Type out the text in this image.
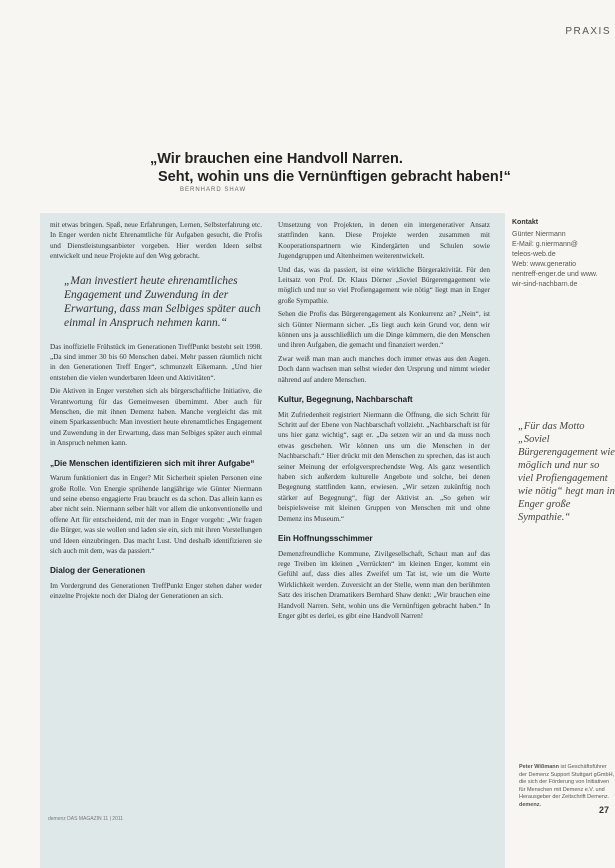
PRAXIS
„Wir brauchen eine Handvoll Narren.
Seht, wohin uns die Vernünftigen gebracht haben!“
BERNHARD SHAW

mit etwas bringen. Spaß, neue Erfahrungen, Lernen, Selbsterfahrung etc. In Enger werden nicht Ehrenamtliche für Aufgaben gesucht, die Profis und Dienstleistungsanbieter vorgeben. Hier werden Ideen selbst entwickelt und neue Projekte auf den Weg gebracht.

„Man investiert heute ehrenamtliches Engagement und Zuwendung in der Erwartung, dass man Selbiges später auch einmal in Anspruch nehmen kann.“

Das inoffizielle Frühstück im Generationen TreffPunkt besteht seit 1998. „Da sind immer 30 bis 60 Menschen dabei. Mehr passen räumlich nicht in den Generationen Treff Enger“, schmunzelt Eikemann. „Und hier entstehen die vielen wunderbaren Ideen und Aktivitäten“.

Die Aktiven in Enger verstehen sich als bürgerschaftliche Initiative, die Verantwortung für das Gemeinwesen übernimmt. Aber auch für Menschen, die mit ihnen Demenz haben. Manche vergleicht das mit einem Sparkassenbuch: Man investiert heute ehrenamtliches Engagement und Zuwendung in der Erwartung, dass man Selbiges später auch einmal in Anspruch nehmen kann.

„Die Menschen identifizieren sich mit ihrer Aufgabe“

Warum funktioniert das in Enger? Mit Sicherheit spielen Personen eine große Rolle. Von Energie sprühende langjährige wie Günter Niermann und seine ebenso engagierte Frau braucht es da schon. Das allein kann es aber nicht sein. Niermann selber hält vor allem die unkonventionelle und offene Art für entscheidend, mit der man in Enger vorgeht: „Wir fragen die Bürger, was sie wollen und laden sie ein, sich mit ihren Vorstellungen und Ideen einzubringen. Das macht Lust. Und deshalb identifizieren sie sich auch mit dem, was da passiert.“

Dialog der Generationen

Im Vordergrund des Generationen TreffPunkt Enger stehen daher weder einzelne Projekte noch der Dialog der Generationen an sich.

Umsetzung von Projekten, in denen ein intergenerativer Ansatz stattfinden kann. Diese Projekte werden zusammen mit Kooperationspartnern wie Kindergärten und Schulen sowie Jugendgruppen und Altenheimen weiterentwickelt.

Und das, was da passiert, ist eine wirkliche Bürgeraktivität. Für den Leitsatz von Prof. Dr. Klaus Dörner „Soviel Bürgerengagement wie möglich und nur so viel Profiengagement wie nötig“ liegt man in Enger große Sympathie.

Sehen die Profis das Bürgerengagement als Konkurrenz an? „Nein“, ist sich Günter Niermann sicher. „Es liegt auch kein Grund vor, denn wir können uns ja ausschließlich um die Dinge kümmern, die den Menschen und ihren Aufgaben, die gemacht und finanziert werden.“

Zwar weiß man man auch manches doch immer etwas aus den Augen. Doch dann wachsen man selbst wieder den Ursprung und nimmt wieder nährend auf andere Menschen.

Kultur, Begegnung, Nachbarschaft

Mit Zufriedenheit registriert Niermann die Öffnung, die sich Schritt für Schritt auf der Ebene von Nachbarschaft vollzieht. „Nachbarschaft ist für uns hier ganz wichtig“, sagt er. „Da setzen wir an und da muss noch etwas geschehen. Wir können uns um die Menschen in der Nachbarschaft.“ Hier drückt mit den Menschen zu sprechen, das ist auch seiner Meinung der erfolgversprechendste Weg. Als ganz wesentlich haben sich außerdem kulturelle Angebote und solche, bei denen Begegnung stattfinden kann, erwiesen. „Wir setzen zukünftig noch stärker auf Begegnung“, fügt der Aktivist an. „So gehen wir beispielsweise mit kleinen Gruppen von Menschen mit und ohne Demenz ins Museum.“

Ein Hoffnungsschimmer

Demenzfreundliche Kommune, Zivilgesellschaft, Schaut man auf das rege Treiben im kleinen „Verrückten“ im kleinen Enger, kommt ein Gefühl auf, dass dies alles Zweifel um Tat ist, wie um die Worte Wirklichkeit werden. Zuversicht an der Stelle, wenn man den berühmten Satz des irischen Dramatikers Bernhard Shaw denkt: „Wir brauchen eine Handvoll Narren. Seht, wohin uns die Vernünftigen gebracht haben.“ In Enger gibt es derlei, es gibt eine Handvoll Narren!

Kontakt
Günter Niermann
E-Mail: g.niermann@
teleos-web.de
Web: www.generatio
nentreff-enger.de und www.
wir-sind-nachbarn.de
„Für das Motto „Soviel Bürgerengagement wie möglich und nur so viel Profiengagement wie nötig“ hegt man in Enger große Sympathie.“
Peter Wißmann ist Geschäftsführer der Demenz Support Stuttgart gGmbH, die sich der Förderung von Initiativen für Menschen mit Demenz e.V. und Herausgeber der Zeitschrift Demenz. demenz.
demenz DAS MAGAZIN 11 | 2011
27
